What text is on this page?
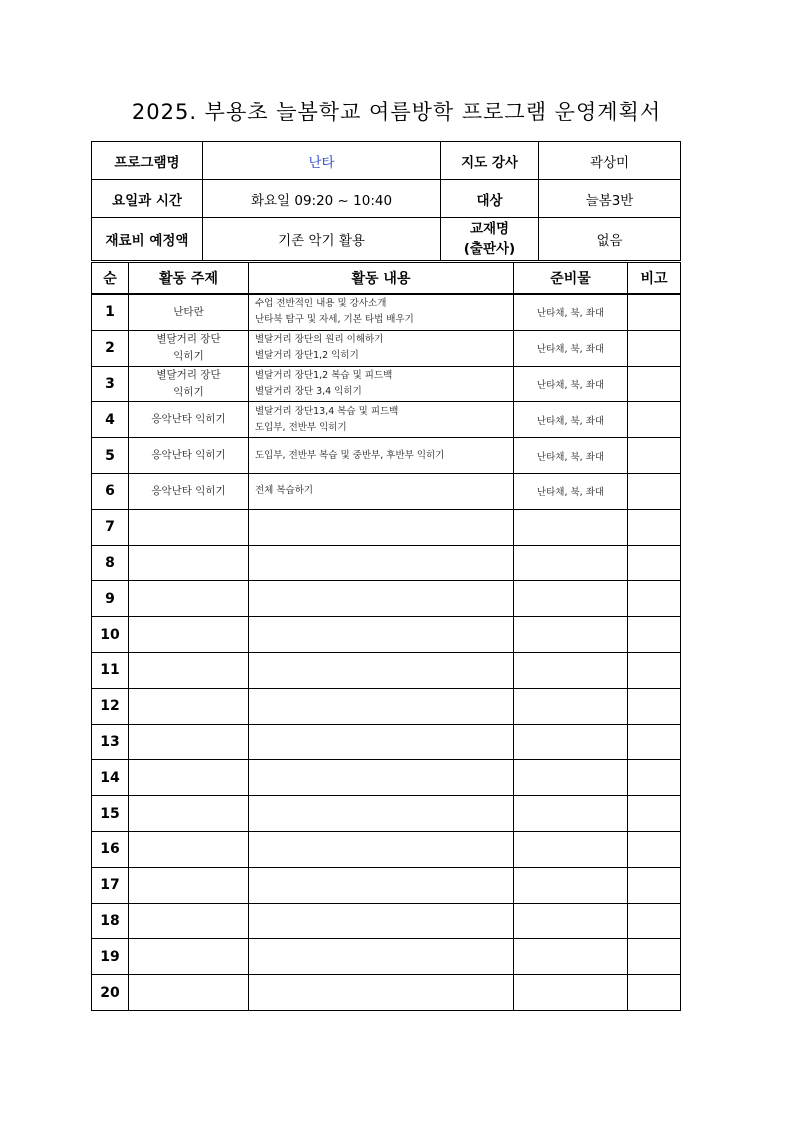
2025. 부용초 늘봄학교 여름방학 프로그램 운영계획서
프로그램명	난타	지도 강사	곽상미
요일과 시간	화요일 09:20 ~ 10:40	대상	늘봄3반
재료비 예정액	기존 악기 활용	교재명
(출판사)	없음
순	활동 주제	활동 내용	준비물	비고
1	난타란	수업 전반적인 내용 및 강사소개
난타북 탐구 및 자세, 기본 타법 배우기	난타채, 북, 좌대	
2	별달거리 장단
익히기	별달거리 장단의 원리 이해하기
별달거리 장단1,2 익히기	난타채, 북, 좌대	
3	별달거리 장단
익히기	별달거리 장단1,2 복습 및 피드백
별달거리 장단 3,4 익히기	난타채, 북, 좌대	
4	응악난타 익히기	별달거리 장단13,4 복습 및 피드백
도입부, 전반부 익히기	난타채, 북, 좌대	
5	응악난타 익히기	도입부, 전반부 복습 및 중반부, 후반부 익히기	난타채, 북, 좌대	
6	응악난타 익히기	전체 복습하기	난타채, 북, 좌대	
7	

8	

9	

10	

11	

12	

13	

14	

15	

16	

17	

18	

19	

20	
